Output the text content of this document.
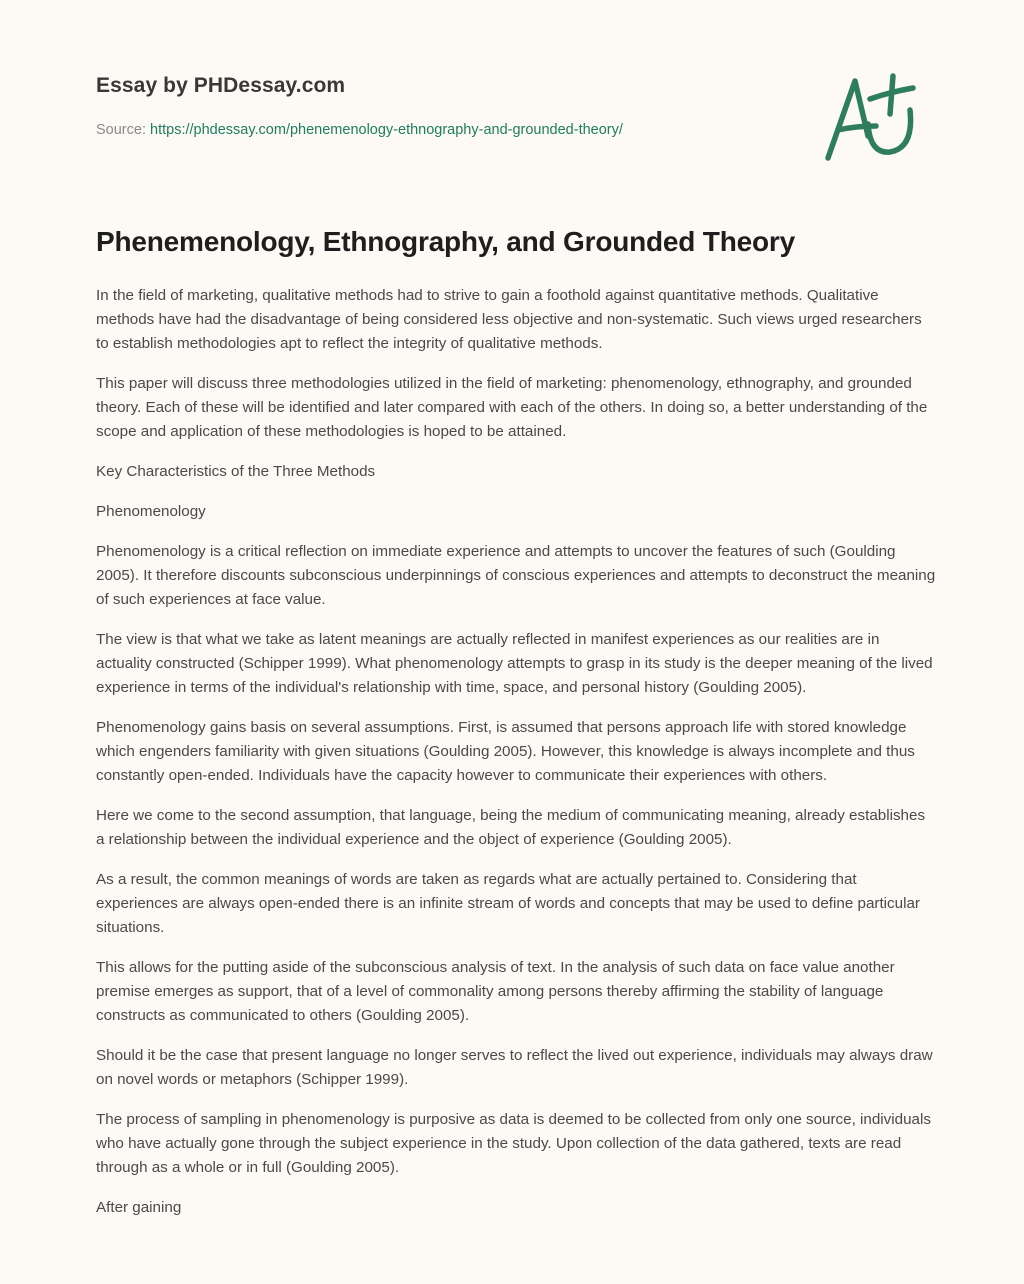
Essay by PHDessay.com
Source: https://phdessay.com/phenemenology-ethnography-and-grounded-theory/
Phenemenology, Ethnography, and Grounded Theory

In the field of marketing, qualitative methods had to strive to gain a foothold against quantitative methods. Qualitative methods have had the disadvantage of being considered less objective and non-systematic. Such views urged researchers to establish methodologies apt to reflect the integrity of qualitative methods.

This paper will discuss three methodologies utilized in the field of marketing: phenomenology, ethnography, and grounded theory. Each of these will be identified and later compared with each of the others. In doing so, a better understanding of the scope and application of these methodologies is hoped to be attained.

Key Characteristics of the Three Methods

Phenomenology

Phenomenology is a critical reflection on immediate experience and attempts to uncover the features of such (Goulding 2005). It therefore discounts subconscious underpinnings of conscious experiences and attempts to deconstruct the meaning of such experiences at face value.

The view is that what we take as latent meanings are actually reflected in manifest experiences as our realities are in actuality constructed (Schipper 1999). What phenomenology attempts to grasp in its study is the deeper meaning of the lived experience in terms of the individual's relationship with time, space, and personal history (Goulding 2005).

Phenomenology gains basis on several assumptions. First, is assumed that persons approach life with stored knowledge which engenders familiarity with given situations (Goulding 2005). However, this knowledge is always incomplete and thus constantly open-ended. Individuals have the capacity however to communicate their experiences with others.

Here we come to the second assumption, that language, being the medium of communicating meaning, already establishes a relationship between the individual experience and the object of experience (Goulding 2005).

As a result, the common meanings of words are taken as regards what are actually pertained to. Considering that experiences are always open-ended there is an infinite stream of words and concepts that may be used to define particular situations.

This allows for the putting aside of the subconscious analysis of text. In the analysis of such data on face value another premise emerges as support, that of a level of commonality among persons thereby affirming the stability of language constructs as communicated to others (Goulding 2005).

Should it be the case that present language no longer serves to reflect the lived out experience, individuals may always draw on novel words or metaphors (Schipper 1999).

The process of sampling in phenomenology is purposive as data is deemed to be collected from only one source, individuals who have actually gone through the subject experience in the study. Upon collection of the data gathered, texts are read through as a whole or in full (Goulding 2005).

After gaining
